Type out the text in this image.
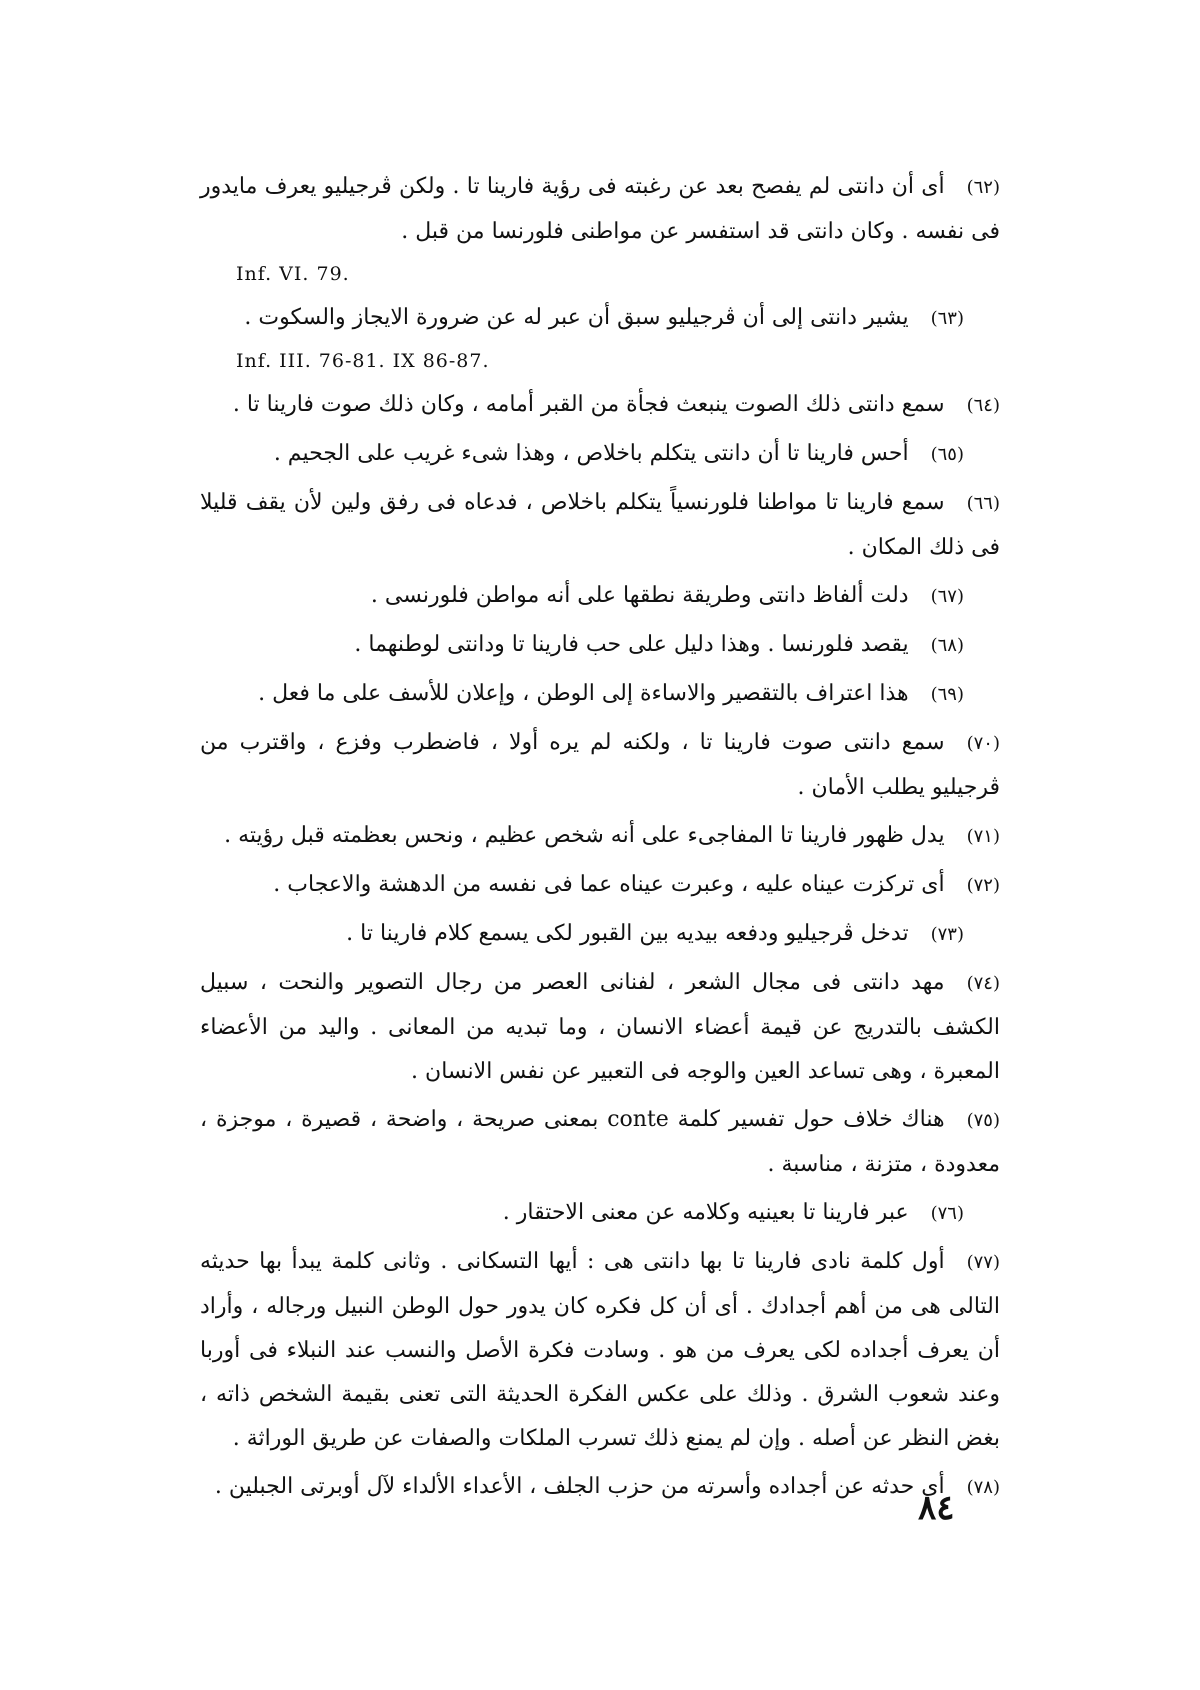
(٦٢)أى أن دانتى لم يفصح بعد عن رغبته فى رؤية فارينا تا . ولكن ڤرجيليو يعرف مايدور فى نفسه . وكان دانتى قد استفسر عن مواطنى فلورنسا من قبل .

Inf. VI. 79.

(٦٣)يشير دانتى إلى أن ڤرجيليو سبق أن عبر له عن ضرورة الايجاز والسكوت .

Inf. III. 76-81. IX 86-87.

(٦٤)سمع دانتى ذلك الصوت ينبعث فجأة من القبر أمامه ، وكان ذلك صوت فارينا تا .

(٦٥)أحس فارينا تا أن دانتى يتكلم باخلاص ، وهذا شىء غريب على الجحيم .

(٦٦)سمع فارينا تا مواطنا فلورنسياً يتكلم باخلاص ، فدعاه فى رفق ولين لأن يقف قليلا فى ذلك المكان .

(٦٧)دلت ألفاظ دانتى وطريقة نطقها على أنه مواطن فلورنسى .

(٦٨)يقصد فلورنسا . وهذا دليل على حب فارينا تا ودانتى لوطنهما .

(٦٩)هذا اعتراف بالتقصير والاساءة إلى الوطن ، وإعلان للأسف على ما فعل .

(٧٠)سمع دانتى صوت فارينا تا ، ولكنه لم يره أولا ، فاضطرب وفزع ، واقترب من ڤرجيليو يطلب الأمان .

(٧١)يدل ظهور فارينا تا المفاجىء على أنه شخص عظيم ، ونحس بعظمته قبل رؤيته .

(٧٢)أى تركزت عيناه عليه ، وعبرت عيناه عما فى نفسه من الدهشة والاعجاب .

(٧٣)تدخل ڤرجيليو ودفعه بيديه بين القبور لكى يسمع كلام فارينا تا .

(٧٤)مهد دانتى فى مجال الشعر ، لفنانى العصر من رجال التصوير والنحت ، سبيل الكشف بالتدريج عن قيمة أعضاء الانسان ، وما تبديه من المعانى . واليد من الأعضاء المعبرة ، وهى تساعد العين والوجه فى التعبير عن نفس الانسان .

(٧٥)هناك خلاف حول تفسير كلمة conte بمعنى صريحة ، واضحة ، قصيرة ، موجزة ، معدودة ، متزنة ، مناسبة .

(٧٦)عبر فارينا تا بعينيه وكلامه عن معنى الاحتقار .

(٧٧)أول كلمة نادى فارينا تا بها دانتى هى : أيها التسكانى . وثانى كلمة يبدأ بها حديثه التالى هى من أهم أجدادك . أى أن كل فكره كان يدور حول الوطن النبيل ورجاله ، وأراد أن يعرف أجداده لكى يعرف من هو . وسادت فكرة الأصل والنسب عند النبلاء فى أوربا وعند شعوب الشرق . وذلك على عكس الفكرة الحديثة التى تعنى بقيمة الشخص ذاته ، بغض النظر عن أصله . وإن لم يمنع ذلك تسرب الملكات والصفات عن طريق الوراثة .

(٧٨)أى حدثه عن أجداده وأسرته من حزب الجلف ، الأعداء الألداء لآل أوبرتى الجبلين .

٨٤
